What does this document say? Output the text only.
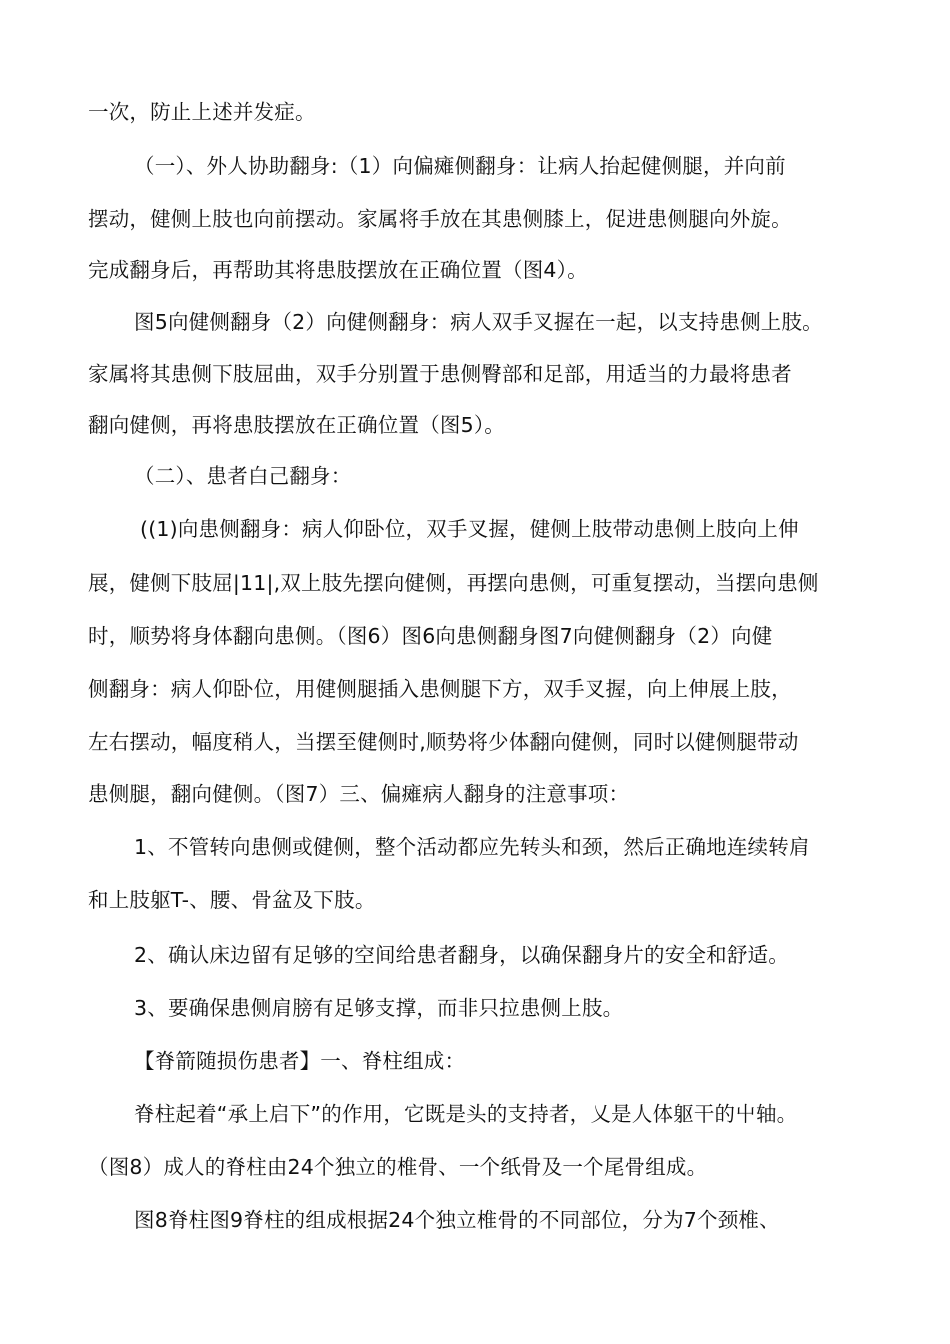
一次，防止上述并发症。
（一）、外人协助翻身:（1）向偏瘫侧翻身：让病人抬起健侧腿，并向前
摆动，健侧上肢也向前摆动。家属将手放在其患侧膝上，促进患侧腿向外旋。
完成翻身后，再帮助其将患肢摆放在正确位置（图4）。
图5向健侧翻身（2）向健侧翻身：病人双手叉握在一起，以支持患侧上肢。
家属将其患侧下肢屈曲，双手分别置于患侧臀部和足部，用适当的力最将患者
翻向健侧，再将患肢摆放在正确位置（图5）。
（二）、患者白己翻身：
((1)向患侧翻身：病人仰卧位，双手叉握，健侧上肢带动患侧上肢向上伸
展，健侧下肢屈|11|,双上肢先摆向健侧，再摆向患侧，可重复摆动，当摆向患侧
时，顺势将身体翻向患侧。（图6）图6向患侧翻身图7向健侧翻身（2）向健
侧翻身：病人仰卧位，用健侧腿插入患侧腿下方，双手叉握，向上伸展上肢，
左右摆动，幅度稍人，当摆至健侧时,顺势将少体翻向健侧，同时以健侧腿带动
患侧腿，翻向健侧。（图7）三、偏瘫病人翻身的注意事项：
1、不管转向患侧或健侧，整个活动都应先转头和颈，然后正确地连续转肩
和上肢躯T-、腰、骨盆及下肢。
2、确认床边留有足够的空间给患者翻身，以确保翻身片的安全和舒适。
3、要确保患侧肩膀有足够支撑，而非只拉患侧上肢。
【脊箭随损伤患者】一、脊柱组成：
脊柱起着“承上启下”的作用，它既是头的支持者，乂是人体躯干的屮轴。
（图8）成人的脊柱由24个独立的椎骨、一个纸骨及一个尾骨组成。
图8脊柱图9脊柱的组成根据24个独立椎骨的不同部位，分为7个颈椎、
